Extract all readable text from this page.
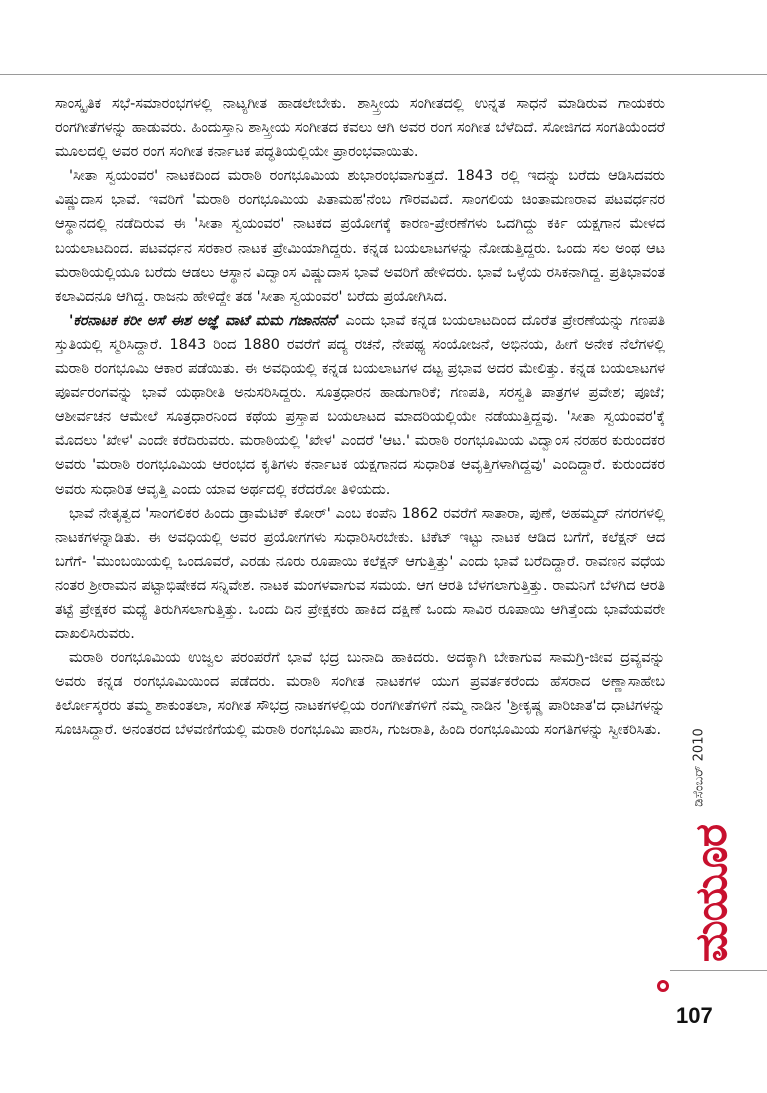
ಸಾಂಸ್ಕೃತಿಕ ಸಭೆ-ಸಮಾರಂಭಗಳಲ್ಲಿ ನಾಟ್ಯಗೀತ ಹಾಡಲೇಬೇಕು. ಶಾಸ್ತ್ರೀಯ ಸಂಗೀತದಲ್ಲಿ ಉನ್ನತ ಸಾಧನೆ ಮಾಡಿರುವ ಗಾಯಕರು ರಂಗಗೀತೆಗಳನ್ನು ಹಾಡುವರು. ಹಿಂದುಸ್ತಾನಿ ಶಾಸ್ತ್ರೀಯ ಸಂಗೀತದ ಕವಲು ಆಗಿ ಅವರ ರಂಗ ಸಂಗೀತ ಬೆಳೆದಿದೆ. ಸೋಜಿಗದ ಸಂಗತಿಯೆಂದರೆ ಮೂಲದಲ್ಲಿ ಅವರ ರಂಗ ಸಂಗೀತ ಕರ್ನಾಟಕ ಪದ್ಧತಿಯಲ್ಲಿಯೇ ಪ್ರಾರಂಭವಾಯಿತು.

'ಸೀತಾ ಸ್ವಯಂವರ' ನಾಟಕದಿಂದ ಮರಾಠಿ ರಂಗಭೂಮಿಯ ಶುಭಾರಂಭವಾಗುತ್ತದೆ. 1843 ರಲ್ಲಿ ಇದನ್ನು ಬರೆದು ಆಡಿಸಿದವರು ವಿಷ್ಣುದಾಸ ಭಾವೆ. ಇವರಿಗೆ 'ಮರಾಠಿ ರಂಗಭೂಮಿಯ ಪಿತಾಮಹ'ನೆಂಬ ಗೌರವವಿದೆ. ಸಾಂಗಲಿಯ ಚಿಂತಾಮಣರಾವ ಪಟವರ್ಧನರ ಆಸ್ಥಾನದಲ್ಲಿ ನಡೆದಿರುವ ಈ 'ಸೀತಾ ಸ್ವಯಂವರ' ನಾಟಕದ ಪ್ರಯೋಗಕ್ಕೆ ಕಾರಣ-ಪ್ರೇರಣೆಗಳು ಒದಗಿದ್ದು ಕರ್ಕಿ ಯಕ್ಷಗಾನ ಮೇಳದ ಬಯಲಾಟದಿಂದ. ಪಟವರ್ಧನ ಸರಕಾರ ನಾಟಕ ಪ್ರೇಮಿಯಾಗಿದ್ದರು. ಕನ್ನಡ ಬಯಲಾಟಗಳನ್ನು ನೋಡುತ್ತಿದ್ದರು. ಒಂದು ಸಲ ಅಂಥ ಆಟ ಮರಾಠಿಯಲ್ಲಿಯೂ ಬರೆದು ಆಡಲು ಆಸ್ಥಾನ ವಿದ್ವಾಂಸ ವಿಷ್ಣುದಾಸ ಭಾವೆ ಅವರಿಗೆ ಹೇಳಿದರು. ಭಾವೆ ಒಳ್ಳೆಯ ರಸಿಕನಾಗಿದ್ದ. ಪ್ರತಿಭಾವಂತ ಕಲಾವಿದನೂ ಆಗಿದ್ದ. ರಾಜನು ಹೇಳಿದ್ದೇ ತಡ 'ಸೀತಾ ಸ್ವಯಂವರ' ಬರೆದು ಪ್ರಯೋಗಿಸಿದ.

'ಕರನಾಟಕ ಕರೀ ಅಸೆ ಈಶ ಅಜ್ಞೆ ವಾಟೆ ಮಮ ಗಜಾನನನ' ಎಂದು ಭಾವೆ ಕನ್ನಡ ಬಯಲಾಟದಿಂದ ದೊರೆತ ಪ್ರೇರಣೆಯನ್ನು ಗಣಪತಿ ಸ್ತುತಿಯಲ್ಲಿ ಸ್ಮರಿಸಿದ್ದಾರೆ. 1843 ರಿಂದ 1880 ರವರೆಗೆ ಪದ್ಯ ರಚನೆ, ನೇಪಥ್ಯ ಸಂಯೋಜನೆ, ಅಭಿನಯ, ಹೀಗೆ ಅನೇಕ ನೆಲೆಗಳಲ್ಲಿ ಮರಾಠಿ ರಂಗಭೂಮಿ ಆಕಾರ ಪಡೆಯಿತು. ಈ ಅವಧಿಯಲ್ಲಿ ಕನ್ನಡ ಬಯಲಾಟಗಳ ದಟ್ಟ ಪ್ರಭಾವ ಅದರ ಮೇಲಿತ್ತು. ಕನ್ನಡ ಬಯಲಾಟಗಳ ಪೂರ್ವರಂಗವನ್ನು ಭಾವೆ ಯಥಾರೀತಿ ಅನುಸರಿಸಿದ್ದರು. ಸೂತ್ರಧಾರನ ಹಾಡುಗಾರಿಕೆ; ಗಣಪತಿ, ಸರಸ್ವತಿ ಪಾತ್ರಗಳ ಪ್ರವೇಶ; ಪೂಜೆ; ಆಶೀರ್ವಚನ ಆಮೇಲೆ ಸೂತ್ರಧಾರನಿಂದ ಕಥೆಯ ಪ್ರಸ್ತಾಪ ಬಯಲಾಟದ ಮಾದರಿಯಲ್ಲಿಯೇ ನಡೆಯುತ್ತಿದ್ದವು. 'ಸೀತಾ ಸ್ವಯಂವರ'ಕ್ಕೆ ಮೊದಲು 'ಖೇಳ' ಎಂದೇ ಕರೆದಿರುವರು. ಮರಾಠಿಯಲ್ಲಿ 'ಖೇಳ' ಎಂದರೆ 'ಆಟ.' ಮರಾಠಿ ರಂಗಭೂಮಿಯ ವಿದ್ವಾಂಸ ನರಹರ ಕುರುಂದಕರ ಅವರು 'ಮರಾಠಿ ರಂಗಭೂಮಿಯ ಆರಂಭದ ಕೃತಿಗಳು ಕರ್ನಾಟಕ ಯಕ್ಷಗಾನದ ಸುಧಾರಿತ ಆವೃತ್ತಿಗಳಾಗಿದ್ದವು' ಎಂದಿದ್ದಾರೆ. ಕುರುಂದಕರ ಅವರು ಸುಧಾರಿತ ಆವೃತ್ತಿ ಎಂದು ಯಾವ ಅರ್ಥದಲ್ಲಿ ಕರೆದರೋ ತಿಳಿಯದು.

ಭಾವೆ ನೇತೃತ್ವದ 'ಸಾಂಗಲಿಕರ ಹಿಂದು ಡ್ರಾಮೆಟಿಕ್ ಕೋರ್' ಎಂಬ ಕಂಪೆನಿ 1862 ರವರೆಗೆ ಸಾತಾರಾ, ಪುಣೆ, ಅಹಮ್ಮದ್ ನಗರಗಳಲ್ಲಿ ನಾಟಕಗಳನ್ನಾಡಿತು. ಈ ಅವಧಿಯಲ್ಲಿ ಅವರ ಪ್ರಯೋಗಗಳು ಸುಧಾರಿಸಿರಬೇಕು. ಟಿಕೆಟ್ ಇಟ್ಟು ನಾಟಕ ಆಡಿದ ಬಗೆಗೆ, ಕಲೆಕ್ಷನ್ ಆದ ಬಗೆಗೆ- 'ಮುಂಬಯಿಯಲ್ಲಿ ಒಂದೂವರೆ, ಎರಡು ನೂರು ರೂಪಾಯಿ ಕಲೆಕ್ಷನ್ ಆಗುತ್ತಿತ್ತು' ಎಂದು ಭಾವೆ ಬರೆದಿದ್ದಾರೆ. ರಾವಣನ ವಧೆಯ ನಂತರ ಶ್ರೀರಾಮನ ಪಟ್ಟಾಭಿಷೇಕದ ಸನ್ನಿವೇಶ. ನಾಟಕ ಮಂಗಳವಾಗುವ ಸಮಯ. ಆಗ ಆರತಿ ಬೆಳಗಲಾಗುತ್ತಿತ್ತು. ರಾಮನಿಗೆ ಬೆಳಗಿದ ಆರತಿ ತಟ್ಟೆ ಪ್ರೇಕ್ಷಕರ ಮಧ್ಯೆ ತಿರುಗಿಸಲಾಗುತ್ತಿತ್ತು. ಒಂದು ದಿನ ಪ್ರೇಕ್ಷಕರು ಹಾಕಿದ ದಕ್ಷಿಣೆ ಒಂದು ಸಾವಿರ ರೂಪಾಯಿ ಆಗಿತ್ತೆಂದು ಭಾವೆಯವರೇ ದಾಖಲಿಸಿರುವರು.

ಮರಾಠಿ ರಂಗಭೂಮಿಯ ಉಜ್ವಲ ಪರಂಪರೆಗೆ ಭಾವೆ ಭದ್ರ ಬುನಾದಿ ಹಾಕಿದರು. ಅದಕ್ಕಾಗಿ ಬೇಕಾಗುವ ಸಾಮಗ್ರಿ-ಜೀವ ದ್ರವ್ಯವನ್ನು ಅವರು ಕನ್ನಡ ರಂಗಭೂಮಿಯಿಂದ ಪಡೆದರು. ಮರಾಠಿ ಸಂಗೀತ ನಾಟಕಗಳ ಯುಗ ಪ್ರವರ್ತಕರೆಂದು ಹೆಸರಾದ ಅಣ್ಣಾಸಾಹೇಬ ಕಿರ್ಲೋಸ್ಕರರು ತಮ್ಮ ಶಾಕುಂತಲಾ, ಸಂಗೀತ ಸೌಭದ್ರ ನಾಟಕಗಳಲ್ಲಿಯ ರಂಗಗೀತೆಗಳಿಗೆ ನಮ್ಮ ನಾಡಿನ 'ಶ್ರೀಕೃಷ್ಣ ಪಾರಿಜಾತ'ದ ಧಾಟಿಗಳನ್ನು ಸೂಚಿಸಿದ್ದಾರೆ. ಅನಂತರದ ಬೆಳವಣಿಗೆಯಲ್ಲಿ ಮರಾಠಿ ರಂಗಭೂಮಿ ಪಾರಸಿ, ಗುಜರಾತಿ, ಹಿಂದಿ ರಂಗಭೂಮಿಯ ಸಂಗತಿಗಳನ್ನು ಸ್ವೀಕರಿಸಿತು.	ಡಿಸೆಂಬರ್ 2010
ಮಯೂರ
107
